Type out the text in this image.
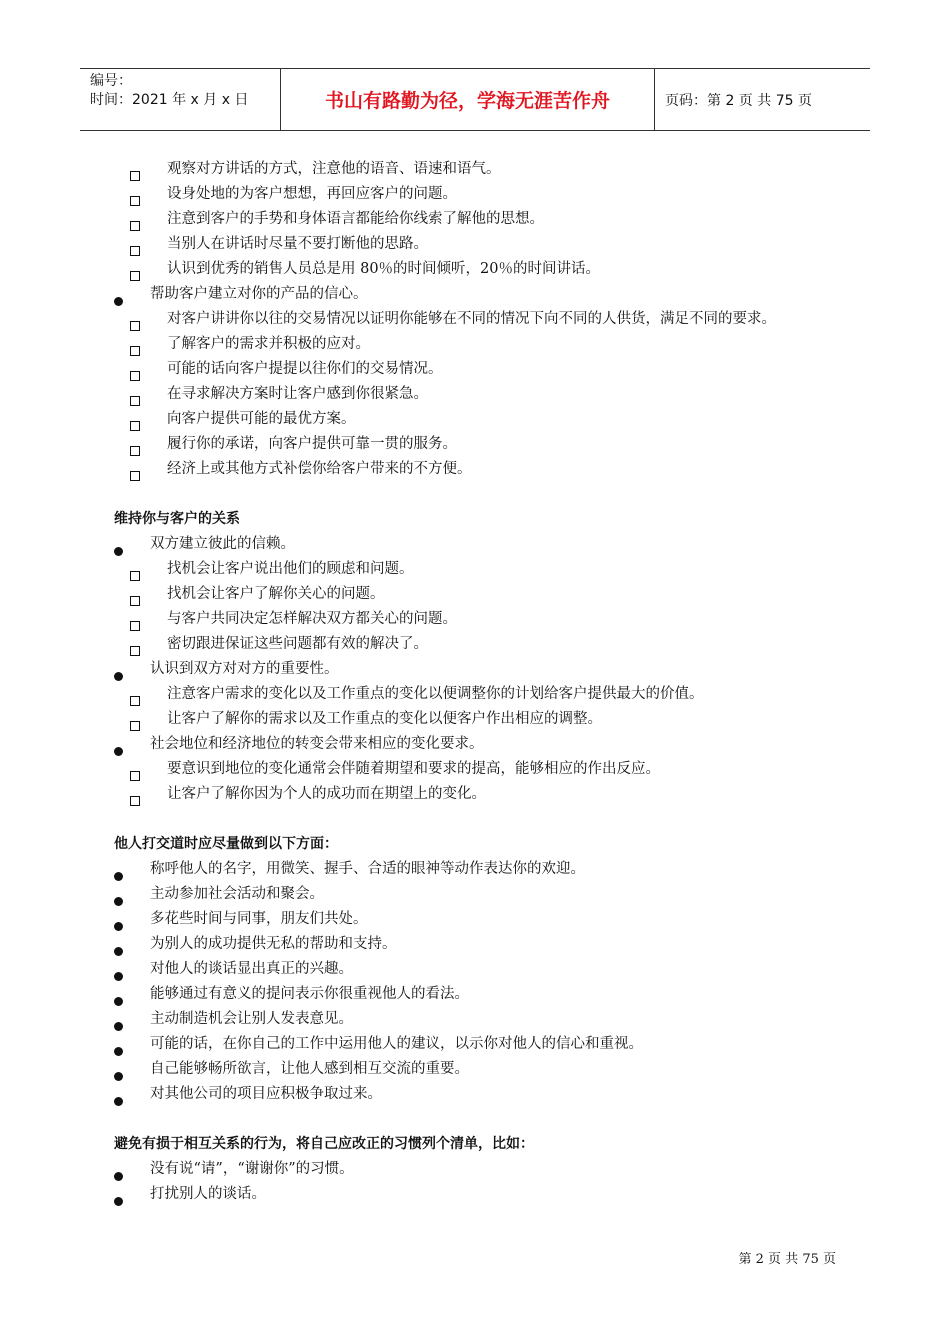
编号：
时间：2021 年 x 月 x 日	书山有路勤为径，学海无涯苦作舟	页码：第 2 页 共 75 页
观察对方讲话的方式，注意他的语音、语速和语气。
设身处地的为客户想想，再回应客户的问题。
注意到客户的手势和身体语言都能给你线索了解他的思想。
当别人在讲话时尽量不要打断他的思路。
认识到优秀的销售人员总是用 80％的时间倾听，20％的时间讲话。
帮助客户建立对你的产品的信心。
对客户讲讲你以往的交易情况以证明你能够在不同的情况下向不同的人供货，满足不同的要求。
了解客户的需求并积极的应对。
可能的话向客户提提以往你们的交易情况。
在寻求解决方案时让客户感到你很紧急。
向客户提供可能的最优方案。
履行你的承诺，向客户提供可靠一贯的服务。
经济上或其他方式补偿你给客户带来的不方便。
维持你与客户的关系
双方建立彼此的信赖。
找机会让客户说出他们的顾虑和问题。
找机会让客户了解你关心的问题。
与客户共同决定怎样解决双方都关心的问题。
密切跟进保证这些问题都有效的解决了。
认识到双方对对方的重要性。
注意客户需求的变化以及工作重点的变化以便调整你的计划给客户提供最大的价值。
让客户了解你的需求以及工作重点的变化以便客户作出相应的调整。
社会地位和经济地位的转变会带来相应的变化要求。
要意识到地位的变化通常会伴随着期望和要求的提高，能够相应的作出反应。
让客户了解你因为个人的成功而在期望上的变化。
他人打交道时应尽量做到以下方面：
称呼他人的名字，用微笑、握手、合适的眼神等动作表达你的欢迎。
主动参加社会活动和聚会。
多花些时间与同事，朋友们共处。
为别人的成功提供无私的帮助和支持。
对他人的谈话显出真正的兴趣。
能够通过有意义的提问表示你很重视他人的看法。
主动制造机会让别人发表意见。
可能的话，在你自己的工作中运用他人的建议，以示你对他人的信心和重视。
自己能够畅所欲言，让他人感到相互交流的重要。
对其他公司的项目应积极争取过来。
避免有损于相互关系的行为，将自己应改正的习惯列个清单，比如：
没有说“请”，“谢谢你”的习惯。
打扰别人的谈话。
第 2 页 共 75 页
